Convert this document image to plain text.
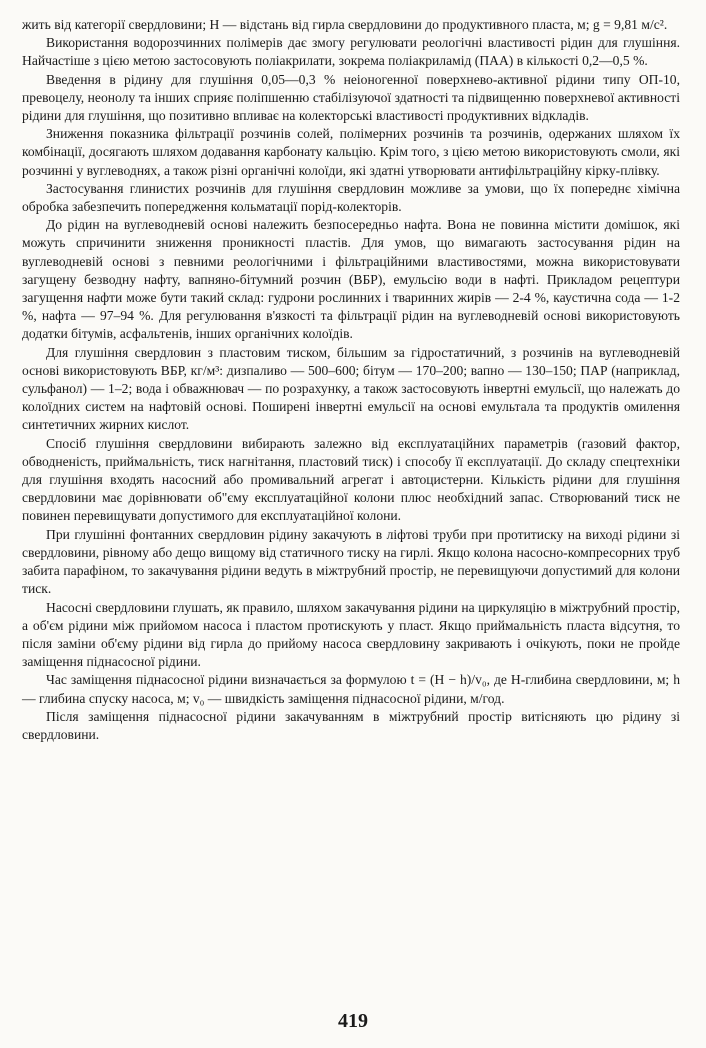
жить від категорії свердловини; H — відстань від гирла свердловини до продуктивного пласта, м; g = 9,81 м/с².

Використання водорозчинних полімерів дає змогу регулювати реологічні властивості рідин для глушіння. Найчастіше з цією метою застосовують поліакрилати, зокрема поліакриламід (ПАА) в кількості 0,2—0,5 %.

Введення в рідину для глушіння 0,05—0,3 % неіоногенної поверхнево-активної рідини типу ОП-10, превоцелу, неонолу та інших сприяє поліпшенню стабілізуючої здатності та підвищенню поверхневої активності рідини для глушіння, що позитивно впливає на колекторські властивості продуктивних відкладів.

Зниження показника фільтрації розчинів солей, полімерних розчинів та розчинів, одержаних шляхом їх комбінації, досягають шляхом додавання карбонату кальцію. Крім того, з цією метою використовують смоли, які розчинні у вуглеводнях, а також різні органічні колоїди, які здатні утворювати антифільтраційну кірку-плівку.

Застосування глинистих розчинів для глушіння свердловин можливе за умови, що їх попереднє хімічна обробка забезпечить попередження кольматації порід-колекторів.

До рідин на вуглеводневій основі належить безпосередньо нафта. Вона не повинна містити домішок, які можуть спричинити зниження проникності пластів. Для умов, що вимагають застосування рідин на вуглеводневій основі з певними реологічними і фільтраційними властивостями, можна використовувати загущену безводну нафту, вапняно-бітумний розчин (ВБР), емульсію води в нафті. Прикладом рецептури загущення нафти може бути такий склад: гудрони рослинних і тваринних жирів — 2-4 %, каустична сода — 1-2 %, нафта — 97–94 %. Для регулювання в'язкості та фільтрації рідин на вуглеводневій основі використовують додатки бітумів, асфальтенів, інших органічних колоїдів.

Для глушіння свердловин з пластовим тиском, більшим за гідростатичний, з розчинів на вуглеводневій основі використовують ВБР, кг/м³: дизпаливо — 500–600; бітум — 170–200; вапно — 130–150; ПАР (наприклад, сульфанол) — 1–2; вода і обважнювач — по розрахунку, а також застосовують інвертні емульсії, що належать до колоїдних систем на нафтовій основі. Поширені інвертні емульсії на основі емультала та продуктів омилення синтетичних жирних кислот.

Спосіб глушіння свердловини вибирають залежно від експлуатаційних параметрів (газовий фактор, обводненість, приймальність, тиск нагнітання, пластовий тиск) і способу її експлуатації. До складу спецтехніки для глушіння входять насосний або промивальний агрегат і автоцистерни. Кількість рідини для глушіння свердловини має дорівнювати об"єму експлуатаційної колони плюс необхідний запас. Створюваний тиск не повинен перевищувати допустимого для експлуатаційної колони.

При глушінні фонтанних свердловин рідину закачують в ліфтові труби при протитиску на виході рідини зі свердловини, рівному або дещо вищому від статичного тиску на гирлі. Якщо колона насосно-компресорних труб забита парафіном, то закачування рідини ведуть в міжтрубний простір, не перевищуючи допустимий для колони тиск.

Насосні свердловини глушать, як правило, шляхом закачування рідини на циркуляцію в міжтрубний простір, а об'єм рідини між прийомом насоса і пластом протискують у пласт. Якщо приймальність пласта відсутня, то після заміни об'єму рідини від гирла до прийому насоса свердловину закривають і очікують, поки не пройде заміщення піднасосної рідини.

Час заміщення піднасосної рідини визначається за формулою t = (H − h)/v₀, де H-глибина свердловини, м; h — глибина спуску насоса, м; v₀ — швидкість заміщення піднасосної рідини, м/год.

Після заміщення піднасосної рідини закачуванням в міжтрубний простір витісняють цю рідину зі свердловини.

419
